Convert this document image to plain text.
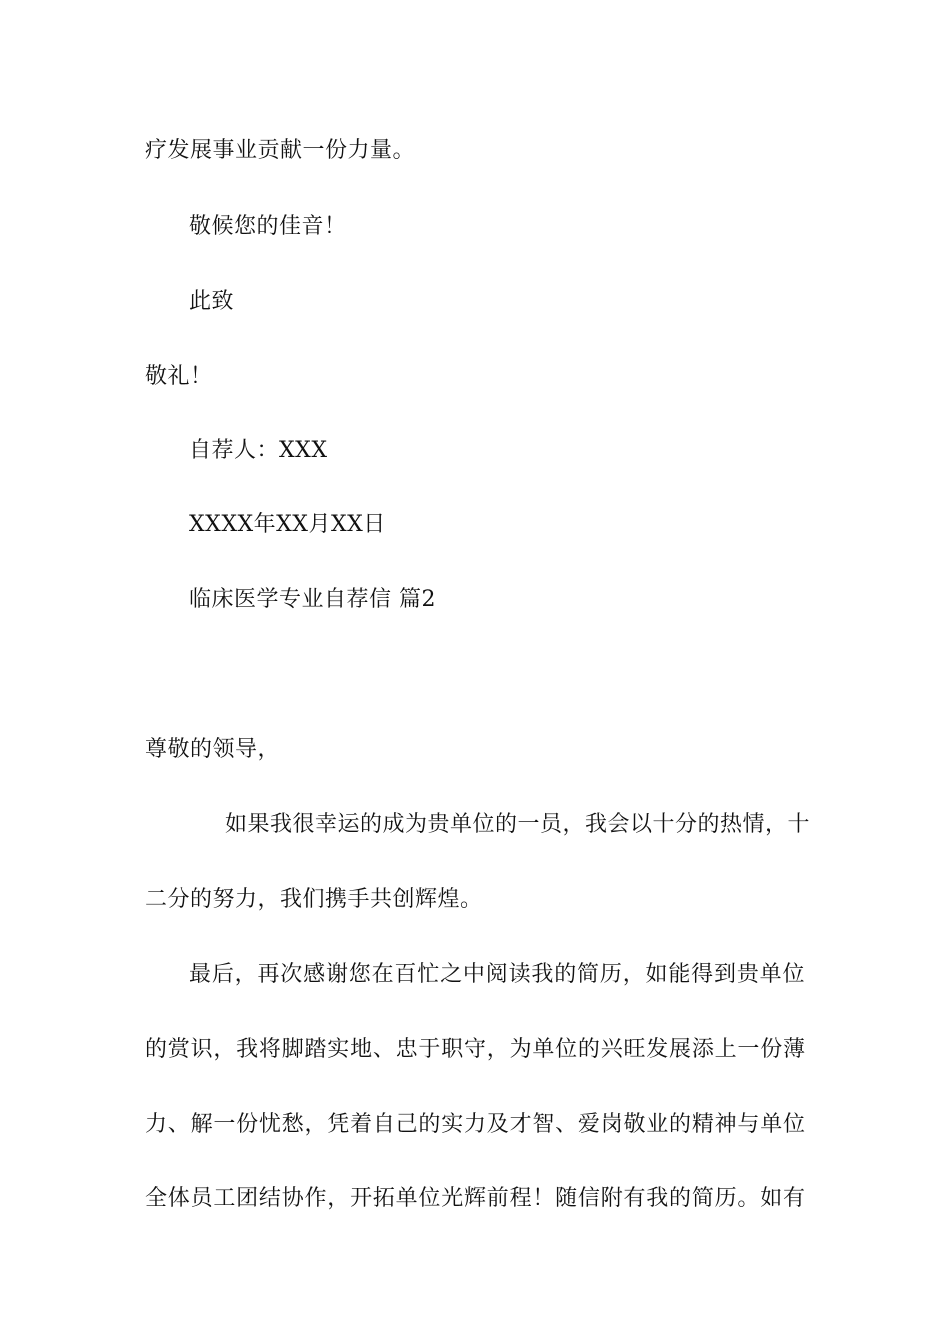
疗发展事业贡献一份力量。
敬候您的佳音！
此致
敬礼！
自荐人：XXX
XXXX年XX月XX日
临床医学专业自荐信 篇2
尊敬的领导，
如果我很幸运的成为贵单位的一员，我会以十分的热情，十
二分的努力，我们携手共创辉煌。
最后，再次感谢您在百忙之中阅读我的简历，如能得到贵单位
的赏识，我将脚踏实地、忠于职守，为单位的兴旺发展添上一份薄
力、解一份忧愁，凭着自己的实力及才智、爱岗敬业的精神与单位
全体员工团结协作，开拓单位光辉前程！随信附有我的简历。如有
